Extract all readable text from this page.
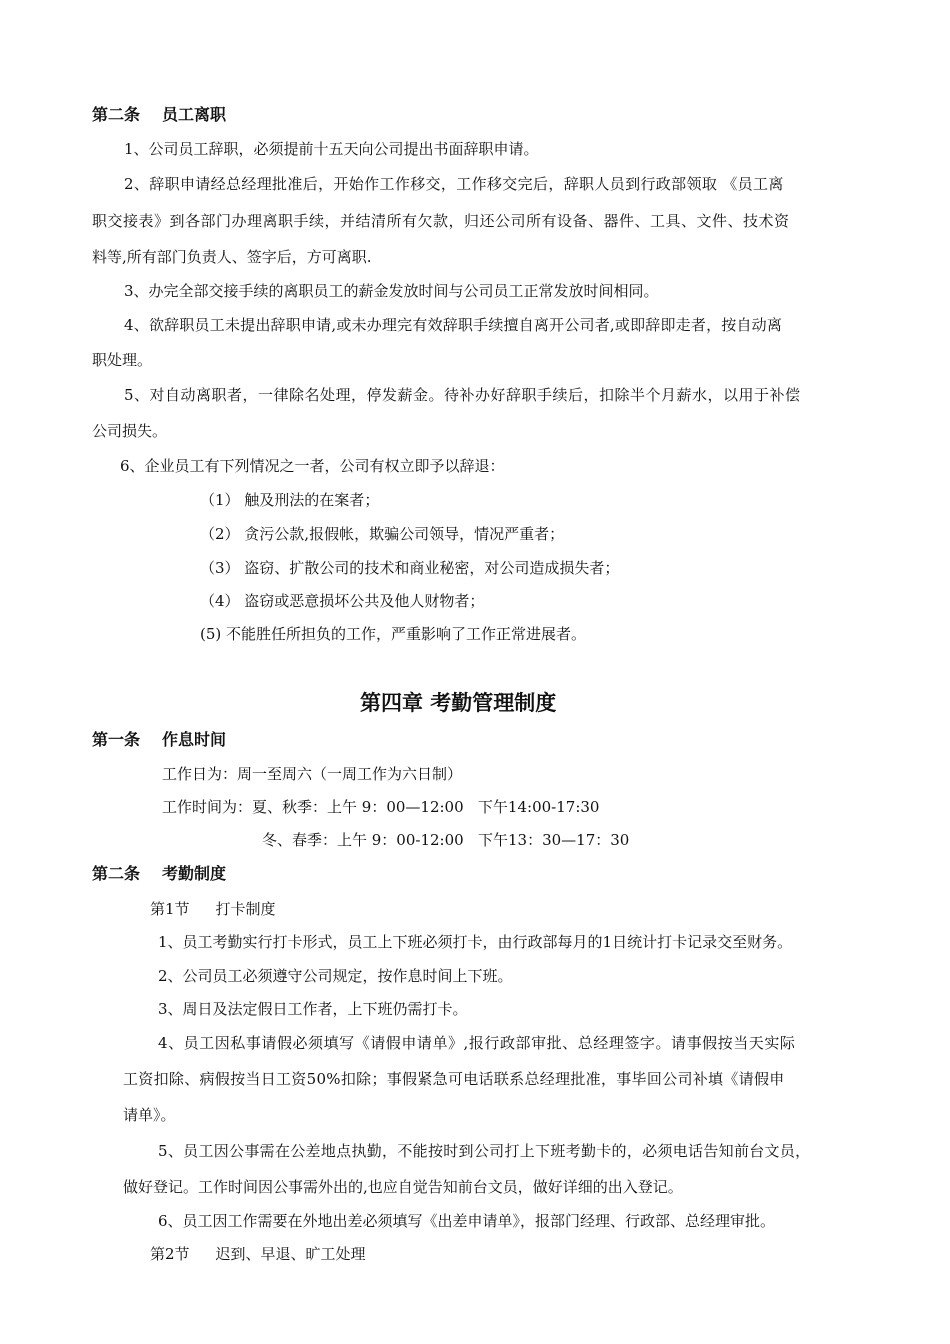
第二条 员工离职
1、公司员工辞职，必须提前十五天向公司提出书面辞职申请。
2、辞职申请经总经理批准后，开始作工作移交，工作移交完后，辞职人员到行政部领取 《员工离
职交接表》到各部门办理离职手续，并结清所有欠款，归还公司所有设备、器件、工具、文件、技术资
料等,所有部门负责人、签字后，方可离职.
3、办完全部交接手续的离职员工的薪金发放时间与公司员工正常发放时间相同。
4、欲辞职员工未提出辞职申请,或未办理完有效辞职手续擅自离开公司者,或即辞即走者，按自动离
职处理。
5、对自动离职者，一律除名处理，停发薪金。待补办好辞职手续后，扣除半个月薪水，以用于补偿
公司损失。
6、企业员工有下列情况之一者，公司有权立即予以辞退：
（1） 触及刑法的在案者；
（2） 贪污公款,报假帐，欺骗公司领导，情况严重者；
（3） 盗窃、扩散公司的技术和商业秘密，对公司造成损失者；
（4） 盗窃或恶意损坏公共及他人财物者；
(5) 不能胜任所担负的工作，严重影响了工作正常进展者。
第四章 考勤管理制度
第一条 作息时间
工作日为：周一至周六（一周工作为六日制）
工作时间为：夏、秋季：上午 9：00—12:00   下午14:00-17:30
冬、春季：上午 9：00-12:00   下午13：30—17：30
第二条 考勤制度
第1节 打卡制度
1、员工考勤实行打卡形式，员工上下班必须打卡，由行政部每月的1日统计打卡记录交至财务。
2、公司员工必须遵守公司规定，按作息时间上下班。
3、周日及法定假日工作者，上下班仍需打卡。
4、员工因私事请假必须填写《请假申请单》,报行政部审批、总经理签字。请事假按当天实际
工资扣除、病假按当日工资50%扣除；事假紧急可电话联系总经理批准，事毕回公司补填《请假申
请单》。
5、员工因公事需在公差地点执勤，不能按时到公司打上下班考勤卡的，必须电话告知前台文员，
做好登记。工作时间因公事需外出的,也应自觉告知前台文员，做好详细的出入登记。
6、员工因工作需要在外地出差必须填写《出差申请单》，报部门经理、行政部、总经理审批。
第2节 迟到、早退、旷工处理
